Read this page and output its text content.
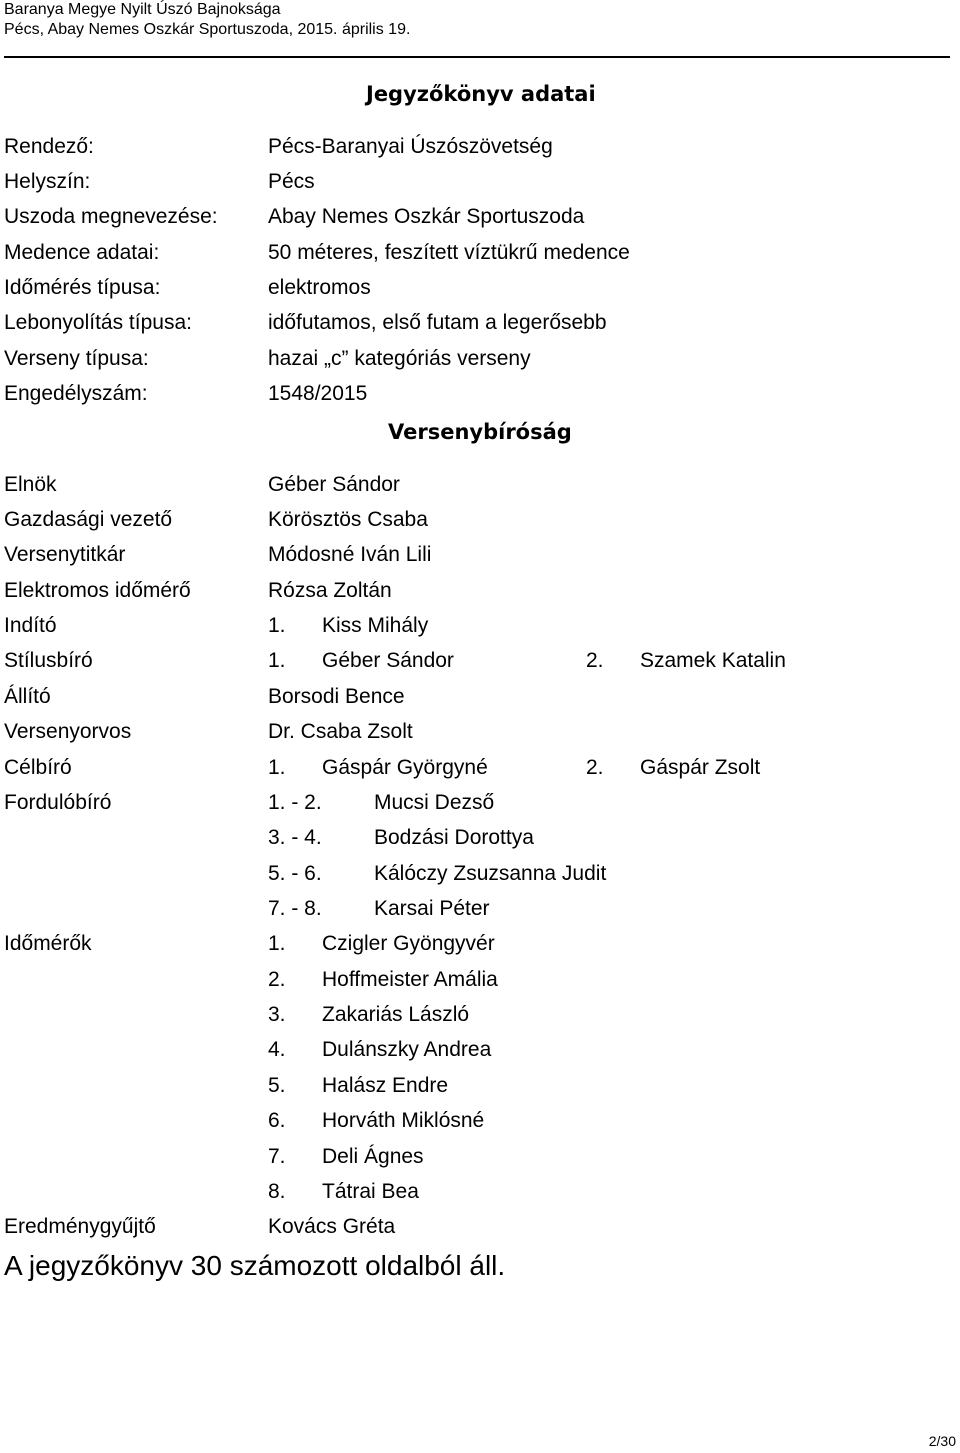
Baranya Megye Nyilt Úszó Bajnoksága
Pécs, Abay Nemes Oszkár Sportuszoda, 2015. április 19.
Jegyzőkönyv adatai
Rendező:	Pécs-Baranyai Úszószövetség
Helyszín:	Pécs
Uszoda megnevezése: Abay Nemes Oszkár Sportuszoda
Medence adatai:	50 méteres, feszített víztükrű medence
Időmérés típusa:	elektromos
Lebonyolítás típusa:	időfutamos, első futam a legerősebb
Verseny típusa:	hazai „c” kategóriás verseny
Engedélyszám:	1548/2015
Versenybíróság
Elnök	Géber Sándor
Gazdasági vezető	Körösztös Csaba
Versenytitkár	Módosné Iván Lili
Elektromos időmérő	Rózsa Zoltán
Indító	1. Kiss Mihály
Stílusbíró	1. Géber Sándor	2. Szamek Katalin
Állító	Borsodi Bence
Versenyorvos	Dr. Csaba Zsolt
Célbíró	1. Gáspár Györgyné	2. Gáspár Zsolt
Fordulóbíró	1. - 2. Mucsi Dezső
3. - 4. Bodzási Dorottya
5. - 6. Kálóczy Zsuzsanna Judit
7. - 8. Karsai Péter
Időmérők	1. Czigler Gyöngyvér
2. Hoffmeister Amália
3. Zakariás László
4. Dulánszky Andrea
5. Halász Endre
6. Horváth Miklósné
7. Deli Ágnes
8. Tátrai Bea
Eredménygyűjtő	Kovács Gréta
A jegyzőkönyv 30 számozott oldalból áll.
2/30
